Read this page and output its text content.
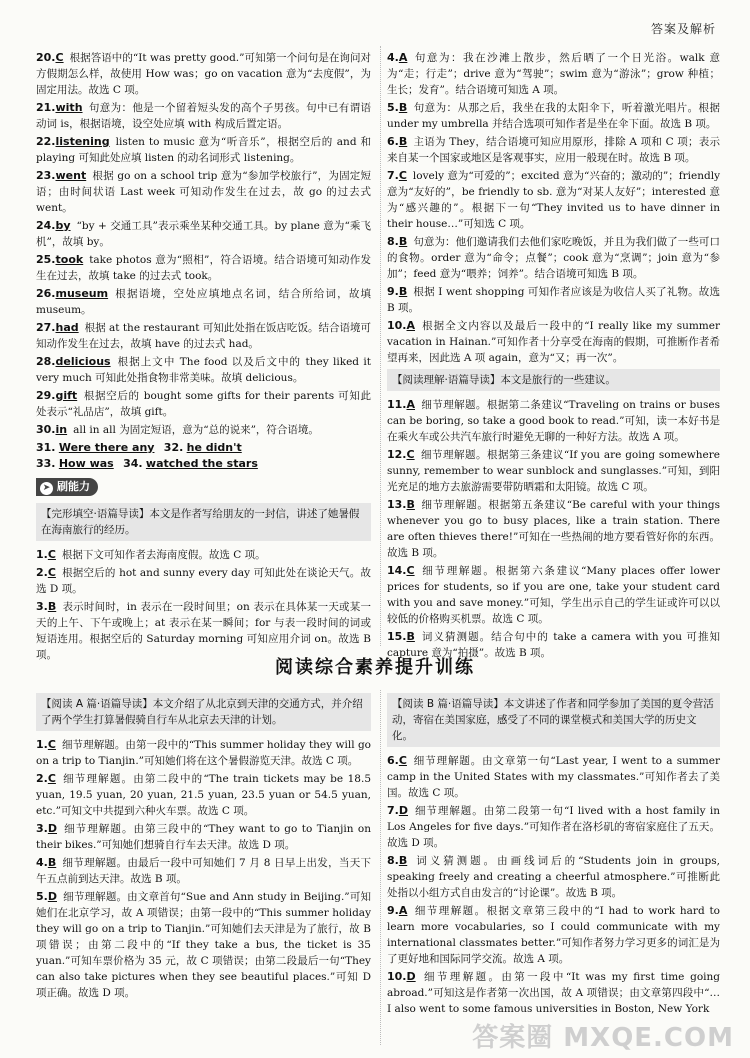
答案及解析
20.C 根据答语中的“It was pretty good.”可知第一个问句是在询问对方假期怎么样，故使用 How was；go on vacation 意为“去度假”，为固定用法。故选 C 项。
21.with 句意为：他是一个留着短头发的高个子男孩。句中已有谓语动词 is，根据语境，设空处应填 with 构成后置定语。
22.listening listen to music 意为“听音乐”，根据空后的 and 和 playing 可知此处应填 listen 的动名词形式 listening。
23.went 根据 go on a school trip 意为“参加学校旅行”，为固定短语；由时间状语 Last week 可知动作发生在过去，故 go 的过去式 went。
24.by “by + 交通工具”表示乘坐某种交通工具。by plane 意为“乘飞机”，故填 by。
25.took take photos 意为“照相”，符合语境。结合语境可知动作发生在过去，故填 take 的过去式 took。
26.museum 根据语境，空处应填地点名词，结合所给词，故填 museum。
27.had 根据 at the restaurant 可知此处指在饭店吃饭。结合语境可知动作发生在过去，故填 have 的过去式 had。
28.delicious 根据上文中 The food 以及后文中的 they liked it very much 可知此处指食物非常美味。故填 delicious。
29.gift 根据空后的 bought some gifts for their parents 可知此处表示“礼品店”，故填 gift。
30.in all in all 为固定短语，意为“总的说来”，符合语境。
31. Were there any 32. he didn't
33. How was 34. watched the stars
➤ 刷能力
【完形填空·语篇导读】本文是作者写给朋友的一封信，讲述了她暑假在海南旅行的经历。
1.C 根据下文可知作者去海南度假。故选 C 项。
2.C 根据空后的 hot and sunny every day 可知此处在谈论天气。故选 D 项。
3.B 表示时间时，in 表示在一段时间里；on 表示在具体某一天或某一天的上午、下午或晚上；at 表示在某一瞬间；for 与表一段时间的词或短语连用。根据空后的 Saturday morning 可知应用介词 on。故选 B 项。
4.A 句意为：我在沙滩上散步，然后晒了一个日光浴。walk 意为“走；行走”；drive 意为“驾驶”；swim 意为“游泳”；grow 种植；生长；发育”。结合语境可知选 A 项。
5.B 句意为：从那之后，我坐在我的太阳伞下，听着激光唱片。根据 under my umbrella 并结合选项可知作者是坐在伞下面。故选 B 项。
6.B 主语为 They，结合语境可知应用原形，排除 A 项和 C 项；表示来自某一个国家或地区是客观事实，应用一般现在时。故选 B 项。
7.C lovely 意为“可爱的”；excited 意为“兴奋的；激动的”；friendly 意为“友好的”，be friendly to sb. 意为“对某人友好”；interested 意为“感兴趣的”。根据下一句“They invited us to have dinner in their house…”可知选 C 项。
8.B 句意为：他们邀请我们去他们家吃晚饭，并且为我们做了一些可口的食物。order 意为“命令；点餐”；cook 意为“烹调”；join 意为“参加”；feed 意为“喂养；饲养”。结合语境可知选 B 项。
9.B 根据 I went shopping 可知作者应该是为收信人买了礼物。故选 B 项。
10.A 根据全文内容以及最后一段中的“I really like my summer vacation in Hainan.”可知作者十分享受在海南的假期，可推断作者希望再来，因此选 A 项 again，意为“又；再一次”。
【阅读理解·语篇导读】本文是旅行的一些建议。
11.A 细节理解题。根据第二条建议“Traveling on trains or buses can be boring, so take a good book to read.”可知，读一本好书是在乘火车或公共汽车旅行时避免无聊的一种好方法。故选 A 项。
12.C 细节理解题。根据第三条建议“If you are going somewhere sunny, remember to wear sunblock and sunglasses.”可知，到阳光充足的地方去旅游需要带防晒霜和太阳镜。故选 C 项。
13.B 细节理解题。根据第五条建议“Be careful with your things whenever you go to busy places, like a train station. There are often thieves there!”可知在一些热闹的地方要看管好你的东西。故选 B 项。
14.C 细节理解题。根据第六条建议“Many places offer lower prices for students, so if you are one, take your student card with you and save money.”可知，学生出示自己的学生证或许可以以较低的价格购买机票。故选 C 项。
15.B 词义猜测题。结合句中的 take a camera with you 可推知 capture 意为“拍摄”。故选 B 项。
阅读综合素养提升训练
【阅读 A 篇·语篇导读】本文介绍了从北京到天津的交通方式，并介绍了两个学生打算暑假骑自行车从北京去天津的计划。
1.C 细节理解题。由第一段中的“This summer holiday they will go on a trip to Tianjin.”可知她们将在这个暑假游览天津。故选 C 项。
2.C 细节理解题。由第二段中的“The train tickets may be 18.5 yuan, 19.5 yuan, 20 yuan, 21.5 yuan, 23.5 yuan or 54.5 yuan, etc.”可知文中共提到六种火车票。故选 C 项。
3.D 细节理解题。由第三段中的“They want to go to Tianjin on their bikes.”可知她们想骑自行车去天津。故选 D 项。
4.B 细节理解题。由最后一段中可知她们 7 月 8 日早上出发，当天下午五点前到达天津。故选 B 项。
5.D 细节理解题。由文章首句“Sue and Ann study in Beijing.”可知她们在北京学习，故 A 项错误；由第一段中的“This summer holiday they will go on a trip to Tianjin.”可知她们去天津是为了旅行，故 B 项错误；由第二段中的“If they take a bus, the ticket is 35 yuan.”可知车票价格为 35 元，故 C 项错误；由第二段最后一句“They can also take pictures when they see beautiful places.”可知 D 项正确。故选 D 项。
【阅读 B 篇·语篇导读】本文讲述了作者和同学参加了美国的夏令营活动，寄宿在美国家庭，感受了不同的课堂模式和美国大学的历史文化。
6.C 细节理解题。由文章第一句“Last year, I went to a summer camp in the United States with my classmates.”可知作者去了美国。故选 C 项。
7.D 细节理解题。由第二段第一句“I lived with a host family in Los Angeles for five days.”可知作者在洛杉矶的寄宿家庭住了五天。故选 D 项。
8.B 词义猜测题。由画线词后的“Students join in groups, speaking freely and creating a cheerful atmosphere.”可推断此处指以小组方式自由发言的“讨论课”。故选 B 项。
9.A 细节理解题。根据文章第三段中的“I had to work hard to learn more vocabularies, so I could communicate with my international classmates better.”可知作者努力学习更多的词汇是为了更好地和国际同学交流。故选 A 项。
10.D 细节理解题。由第一段中“It was my first time going abroad.”可知这是作者第一次出国，故 A 项错误；由文章第四段中“… I also went to some famous universities in Boston, New York
答案圈 MXQE.COM
